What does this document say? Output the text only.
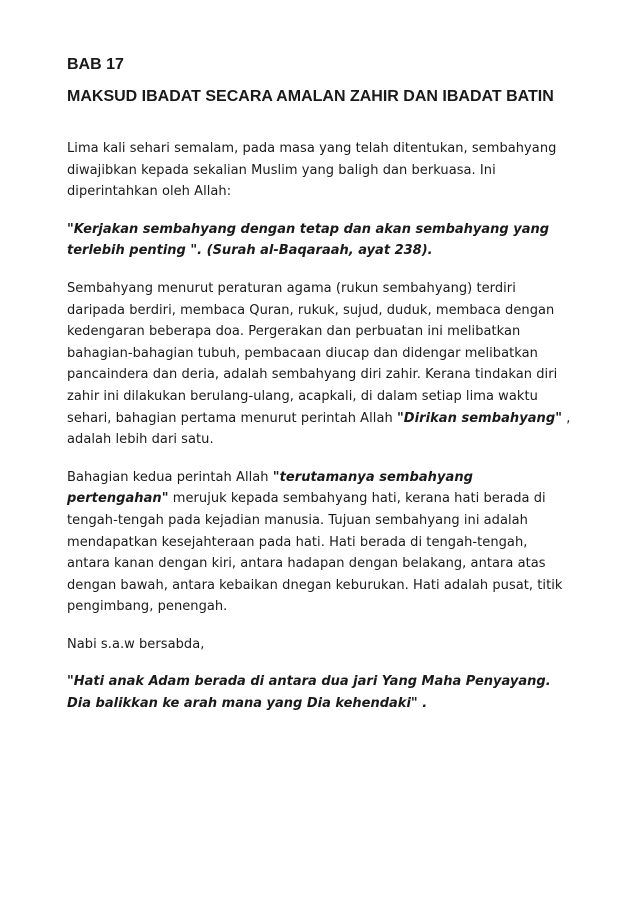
BAB 17
MAKSUD IBADAT SECARA AMALAN ZAHIR DAN IBADAT BATIN

Lima kali sehari semalam, pada masa yang telah ditentukan, sembahyang diwajibkan kepada sekalian Muslim yang baligh dan berkuasa. Ini diperintahkan oleh Allah:

"Kerjakan sembahyang dengan tetap dan akan sembahyang yang terlebih penting ". (Surah al-Baqaraah, ayat 238).

Sembahyang menurut peraturan agama (rukun sembahyang) terdiri daripada berdiri, membaca Quran, rukuk, sujud, duduk, membaca dengan kedengaran beberapa doa. Pergerakan dan perbuatan ini melibatkan bahagian-bahagian tubuh, pembacaan diucap dan didengar melibatkan pancaindera dan deria, adalah sembahyang diri zahir. Kerana tindakan diri zahir ini dilakukan berulang-ulang, acapkali, di dalam setiap lima waktu sehari, bahagian pertama menurut perintah Allah "Dirikan sembahyang" , adalah lebih dari satu.

Bahagian kedua perintah Allah "terutamanya sembahyang pertengahan" merujuk kepada sembahyang hati, kerana hati berada di tengah-tengah pada kejadian manusia. Tujuan sembahyang ini adalah mendapatkan kesejahteraan pada hati. Hati berada di tengah-tengah, antara kanan dengan kiri, antara hadapan dengan belakang, antara atas dengan bawah, antara kebaikan dnegan keburukan. Hati adalah pusat, titik pengimbang, penengah.

Nabi s.a.w bersabda,

"Hati anak Adam berada di antara dua jari Yang Maha Penyayang. Dia balikkan ke arah mana yang Dia kehendaki" .
